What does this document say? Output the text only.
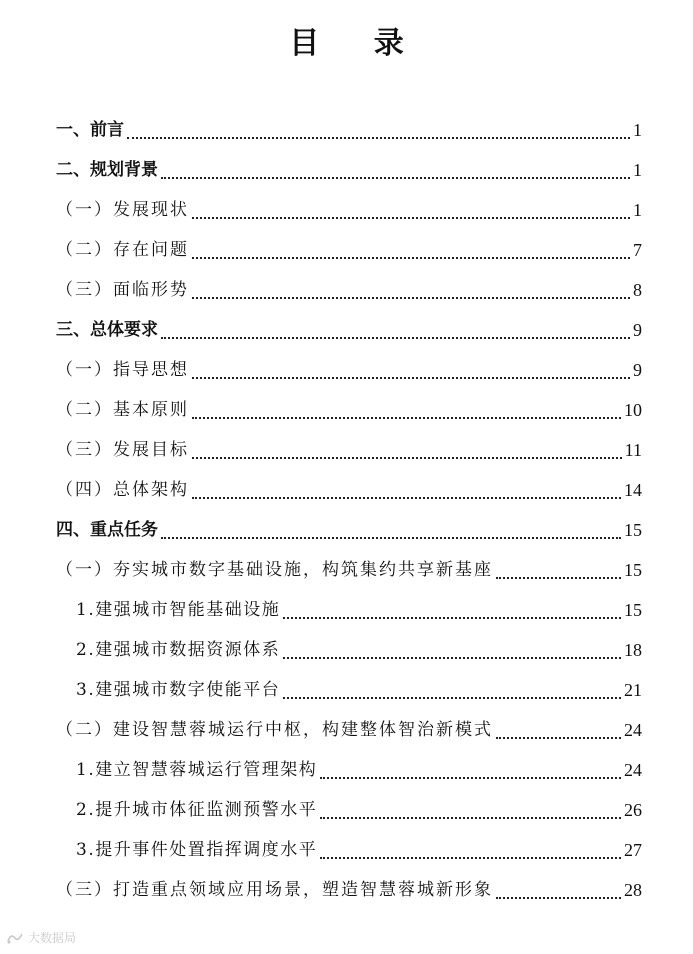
目 录
一、前言	1
二、规划背景	1
（一）发展现状	1
（二）存在问题	7
（三）面临形势	8
三、总体要求	9
（一）指导思想	9
（二）基本原则	10
（三）发展目标	11
（四）总体架构	14
四、重点任务	15
（一）夯实城市数字基础设施，构筑集约共享新基座	15
1.建强城市智能基础设施	15
2.建强城市数据资源体系	18
3.建强城市数字使能平台	21
（二）建设智慧蓉城运行中枢，构建整体智治新模式	24
1.建立智慧蓉城运行管理架构	24
2.提升城市体征监测预警水平	26
3.提升事件处置指挥调度水平	27
（三）打造重点领域应用场景，塑造智慧蓉城新形象	28
大数据局
